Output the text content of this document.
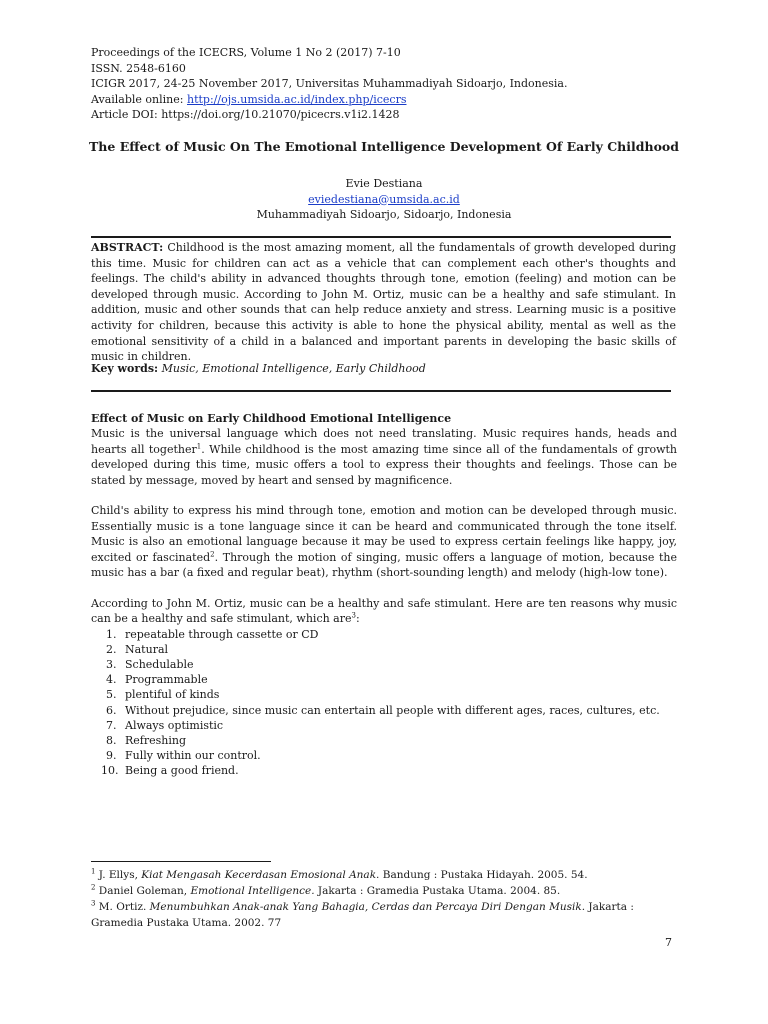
Proceedings of the ICECRS, Volume 1 No 2 (2017) 7-10
ISSN. 2548-6160
ICIGR 2017, 24-25 November 2017, Universitas Muhammadiyah Sidoarjo, Indonesia.
Available online: http://ojs.umsida.ac.id/index.php/icecrs
Article DOI: https://doi.org/10.21070/picecrs.v1i2.1428
The Effect of Music On The Emotional Intelligence Development Of Early Childhood
Evie Destiana
eviedestiana@umsida.ac.id
Muhammadiyah Sidoarjo, Sidoarjo, Indonesia
ABSTRACT: Childhood is the most amazing moment, all the fundamentals of growth developed during this time. Music for children can act as a vehicle that can complement each other's thoughts and feelings. The child's ability in advanced thoughts through tone, emotion (feeling) and motion can be developed through music. According to John M. Ortiz, music can be a healthy and safe stimulant. In addition, music and other sounds that can help reduce anxiety and stress. Learning music is a positive activity for children, because this activity is able to hone the physical ability, mental as well as the emotional sensitivity of a child in a balanced and important parents in developing the basic skills of music in children.
Key words: Music, Emotional Intelligence, Early Childhood
Effect of Music on Early Childhood Emotional Intelligence

Music is the universal language which does not need translating. Music requires hands, heads and hearts all together$^1$. While childhood is the most amazing time since all of the fundamentals of growth developed during this time, music offers a tool to express their thoughts and feelings. Those can be stated by message, moved by heart and sensed by magnificence.

Child's ability to express his mind through tone, emotion and motion can be developed through music. Essentially music is a tone language since it can be heard and communicated through the tone itself. Music is also an emotional language because it may be used to express certain feelings like happy, joy, excited or fascinated$^2$. Through the motion of singing, music offers a language of motion, because the music has a bar (a fixed and regular beat), rhythm (short-sounding length) and melody (high-low tone).

According to John M. Ortiz, music can be a healthy and safe stimulant. Here are ten reasons why music can be a healthy and safe stimulant, which are$^3$:

1. repeatable through cassette or CD
2. Natural
3. Schedulable
4. Programmable
5. plentiful of kinds
6. Without prejudice, since music can entertain all people with different ages, races, cultures, etc.
7. Always optimistic
8. Refreshing
9. Fully within our control.
10. Being a good friend.
$^1$ J. Ellys, Kiat Mengasah Kecerdasan Emosional Anak. Bandung : Pustaka Hidayah. 2005. 54.
$^2$ Daniel Goleman, Emotional Intelligence. Jakarta : Gramedia Pustaka Utama. 2004. 85.
$^3$ M. Ortiz. Menumbuhkan Anak-anak Yang Bahagia, Cerdas dan Percaya Diri Dengan Musik. Jakarta : Gramedia Pustaka Utama. 2002. 77
7
